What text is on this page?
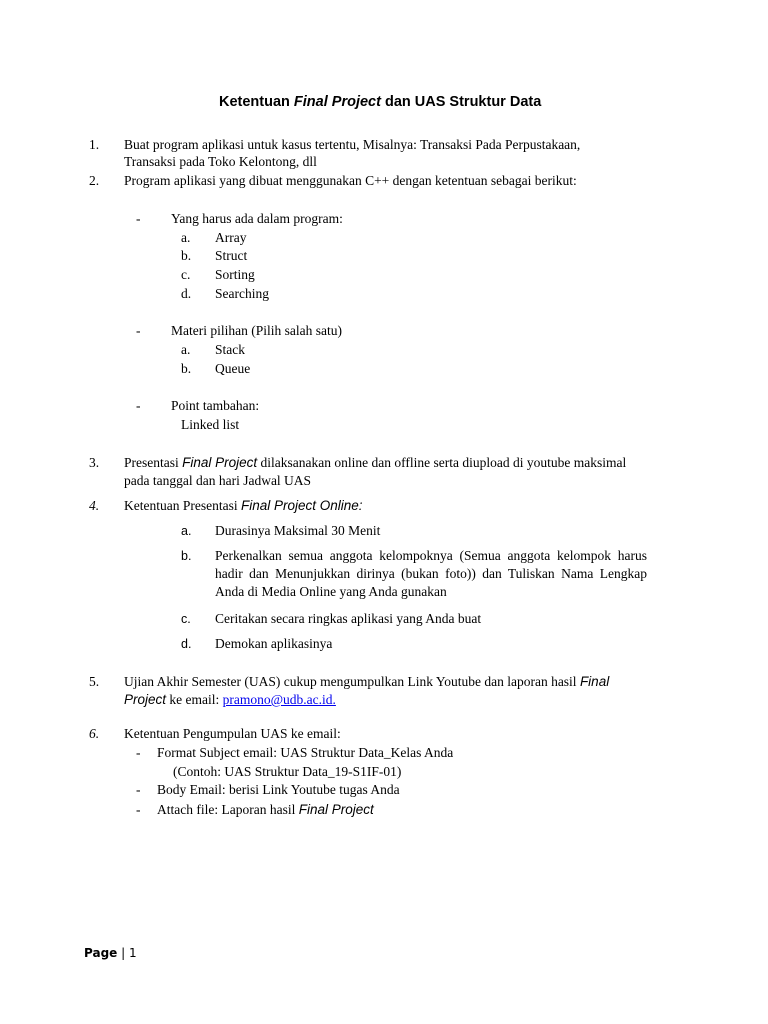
Ketentuan Final Project dan UAS Struktur Data
1. Buat program aplikasi untuk kasus tertentu, Misalnya: Transaksi Pada Perpustakaan,
Transaksi pada Toko Kelontong, dll
2. Program aplikasi yang dibuat menggunakan C++ dengan ketentuan sebagai berikut:
- Yang harus ada dalam program:
a. Array
b. Struct
c. Sorting
d. Searching
- Materi pilihan (Pilih salah satu)
a. Stack
b. Queue
- Point tambahan:
Linked list
3. Presentasi Final Project dilaksanakan online dan offline serta diupload di youtube maksimal
pada tanggal dan hari Jadwal UAS
4. Ketentuan Presentasi Final Project Online:
a. Durasinya Maksimal 30 Menit
b. Perkenalkan semua anggota kelompoknya (Semua anggota kelompok harus hadir dan Menunjukkan dirinya (bukan foto)) dan Tuliskan Nama Lengkap Anda di Media Online yang Anda gunakan
c. Ceritakan secara ringkas aplikasi yang Anda buat
d. Demokan aplikasinya
5. Ujian Akhir Semester (UAS) cukup mengumpulkan Link Youtube dan laporan hasil Final
Project ke email: pramono@udb.ac.id.
6. Ketentuan Pengumpulan UAS ke email:
- Format Subject email: UAS Struktur Data_Kelas Anda
(Contoh: UAS Struktur Data_19-S1IF-01)
- Body Email: berisi Link Youtube tugas Anda
- Attach file: Laporan hasil Final Project
Page | 1
